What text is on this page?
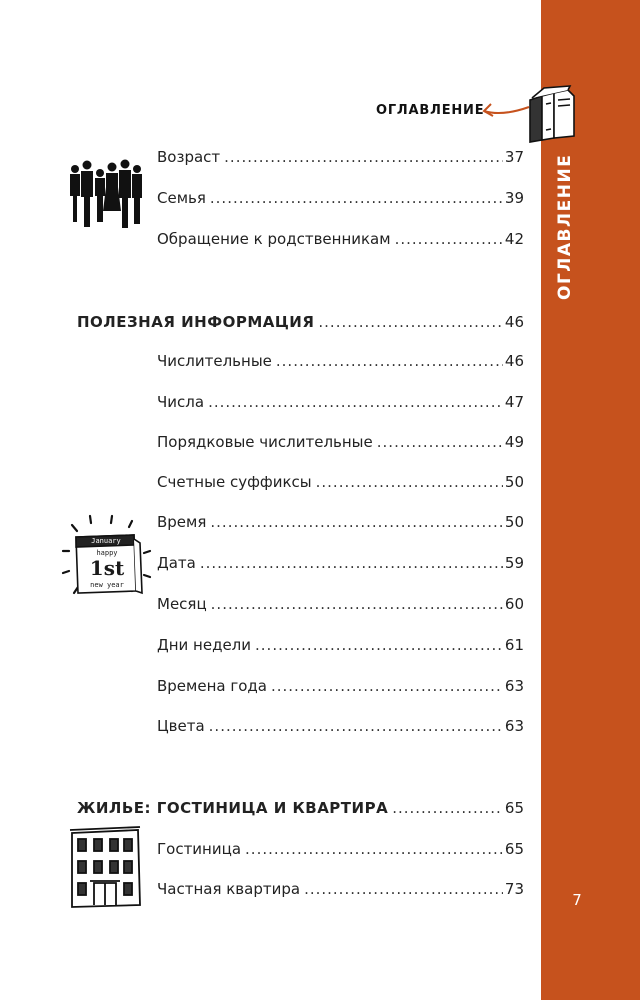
7
ОГЛАВЛЕНИЕ
January
happy
1st
new year
Возраст .....	37
Семья .....	39
Обращение к родственникам .....	42
ПОЛЕЗНАЯ ИНФОРМАЦИЯ .....	46
Числительные .....	46
Числа .....	47
Порядковые числительные .....	49
Счетные суффиксы .....	50
Время .....	50
Дата .....	59
Месяц .....	60
Дни недели .....	61
Времена года .....	63
Цвета .....	63
ЖИЛЬЕ: ГОСТИНИЦА И КВАРТИРА .....	65
Гостиница .....	65
Частная квартира .....	73
